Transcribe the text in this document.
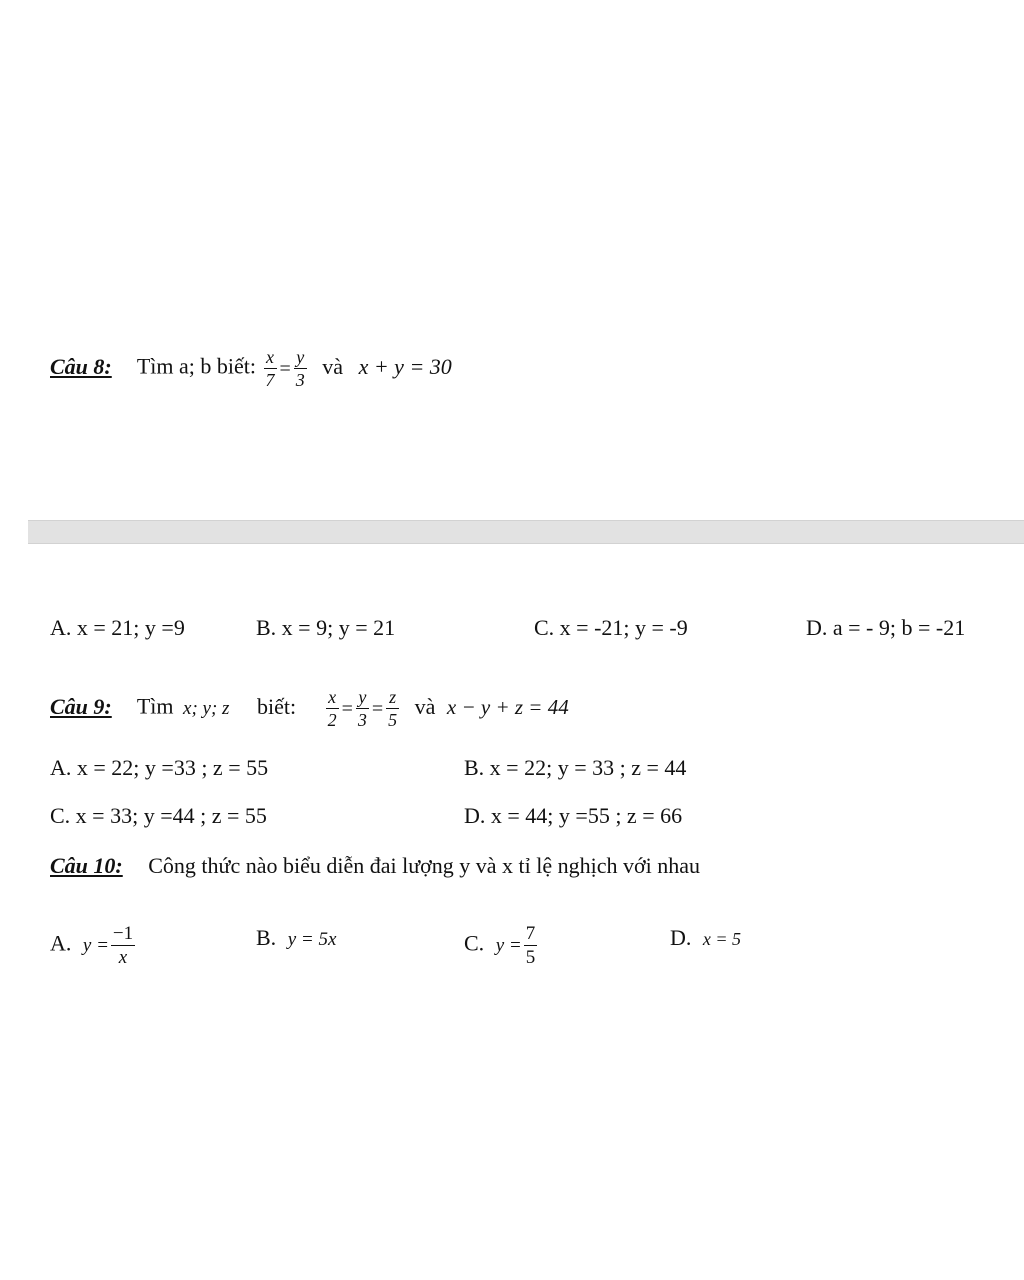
Câu 8: Tìm a; b biết: $\frac{x}{7} = \frac{y}{3}$ và x + y = 30
A. x = 21; y =9	B. x = 9; y = 21	C. x = -21; y = -9	D. a = - 9; b = -21
Câu 9: Tìm x; y; z biết: $\frac{x}{2} = \frac{y}{3} = \frac{z}{5}$ và x − y + z = 44
A. x = 22; y =33 ; z = 55	B. x = 22; y = 33 ; z = 44
C. x = 33; y =44 ; z = 55	D. x = 44; y =55 ; z = 66
Câu 10: Công thức nào biểu diễn đai lượng y và x tỉ lệ nghịch với nhau
A. $y = \frac{-1}{x}$	B. y = 5x	C. $y = \frac{7}{5}$	D. x = 5
